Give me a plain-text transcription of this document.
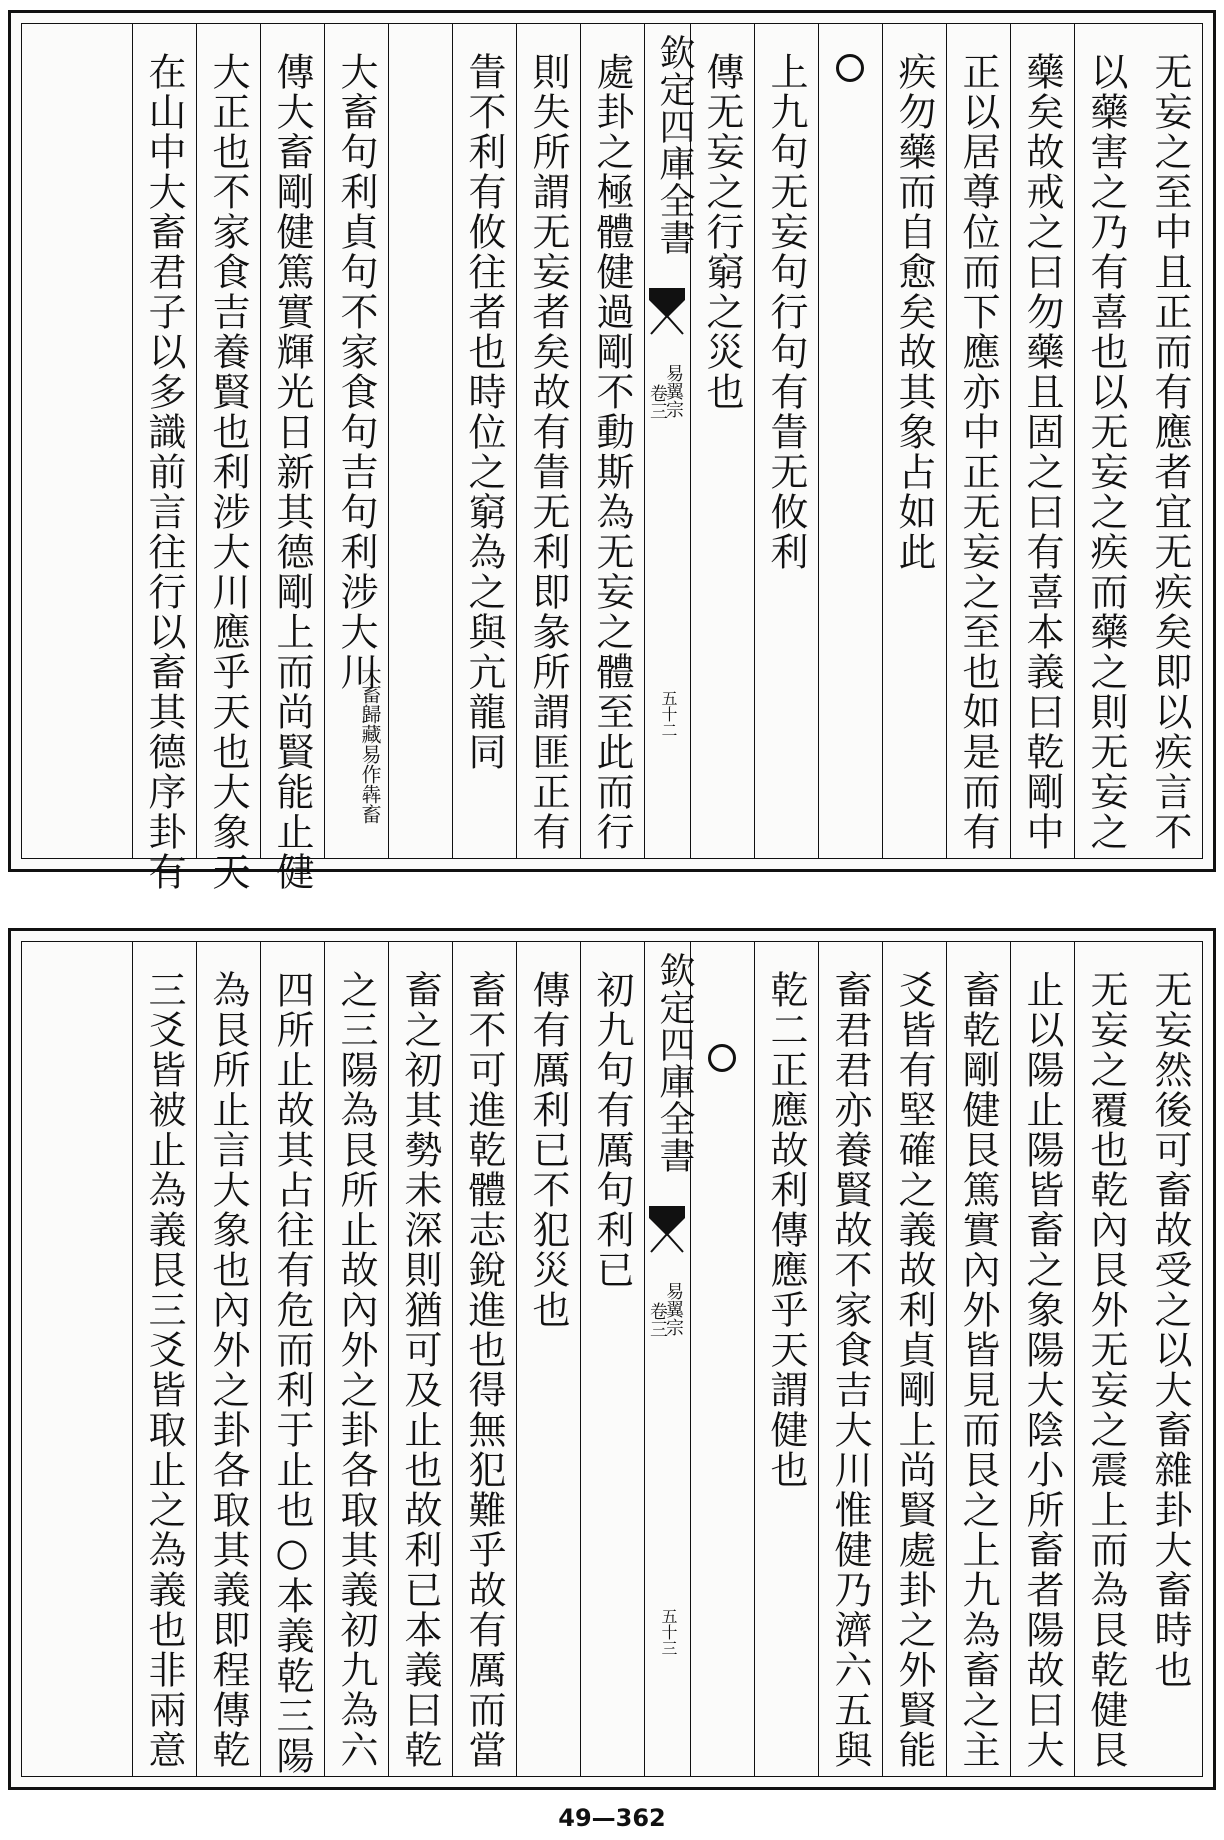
无妄之至中且正而有應者宜无疾矣即以疾言不
以藥害之乃有喜也以无妄之疾而藥之則无妄之
藥矣故戒之曰勿藥且固之曰有喜本義曰乾剛中
正以居尊位而下應亦中正无妄之至也如是而有
疾勿藥而自愈矣故其象占如此

上九句无妄句行句有眚无攸利
傳无妄之行窮之災也
欽定四庫全書
易翼宗
卷三
五十二
處卦之極體健過剛不動斯為无妄之體至此而行
則失所謂无妄者矣故有眚无利即彖所謂匪正有
眚不利有攸往者也時位之窮為之與亢龍同
大畜句利貞句不家食句吉句利涉大川
大畜歸藏易作犇畜
傳大畜剛健篤實輝光日新其德剛上而尚賢能止健
大正也不家食吉養賢也利涉大川應乎天也大象天
在山中大畜君子以多識前言往行以畜其德序卦有
无妄然後可畜故受之以大畜雜卦大畜時也
无妄之覆也乾內艮外无妄之震上而為艮乾健艮
止以陽止陽皆畜之象陽大陰小所畜者陽故曰大
畜乾剛健艮篤實內外皆見而艮之上九為畜之主
爻皆有堅確之義故利貞剛上尚賢處卦之外賢能
畜君君亦養賢故不家食吉大川惟健乃濟六五與
乾二正應故利傳應乎天謂健也

欽定四庫全書
易翼宗
卷三
五十三
初九句有厲句利已
傳有厲利已不犯災也
畜不可進乾體志銳進也得無犯難乎故有厲而當
畜之初其勢未深則猶可及止也故利已本義曰乾
之三陽為艮所止故內外之卦各取其義初九為六
四所止故其占往有危而利于止也○本義乾三陽
為艮所止言大象也內外之卦各取其義即程傳乾
三爻皆被止為義艮三爻皆取止之為義也非兩意
49—362
